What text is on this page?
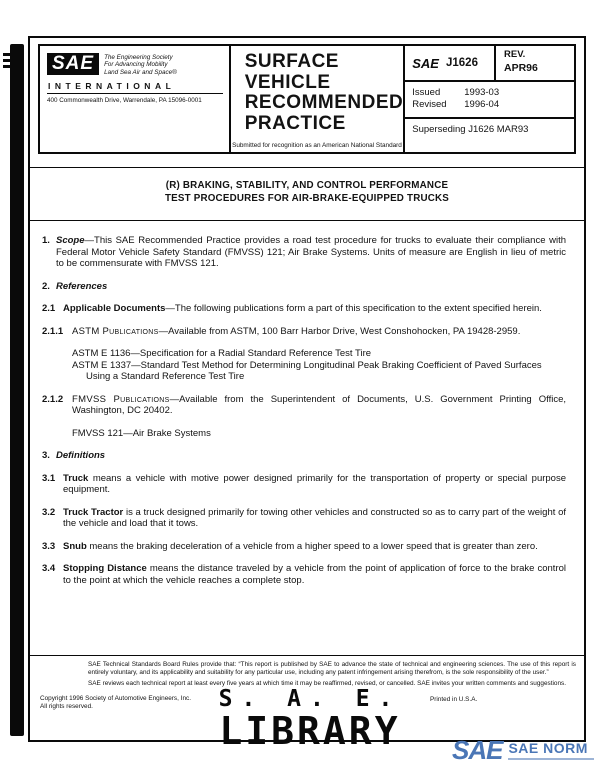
SAE	The Engineering Society
For Advancing Mobility
Land Sea Air and Space®
INTERNATIONAL
400 Commonwealth Drive, Warrendale, PA 15096-0001
SURFACE
VEHICLE
RECOMMENDED
PRACTICE
Submitted for recognition as an American National Standard
SAE J1626
REV.
APR96
Issued	1993-03
Revised	1996-04
Superseding J1626 MAR93
(R) BRAKING, STABILITY, AND CONTROL PERFORMANCE
TEST PROCEDURES FOR AIR-BRAKE-EQUIPPED TRUCKS
1. Scope—This SAE Recommended Practice provides a road test procedure for trucks to evaluate their compliance with Federal Motor Vehicle Safety Standard (FMVSS) 121; Air Brake Systems. Units of measure are English in lieu of metric to be commensurate with FMVSS 121.
2. References
2.1 Applicable Documents—The following publications form a part of this specification to the extent specified herein.
2.1.1 ASTM Publications—Available from ASTM, 100 Barr Harbor Drive, West Conshohocken, PA 19428-2959.
ASTM E 1136—Specification for a Radial Standard Reference Test Tire
ASTM E 1337—Standard Test Method for Determining Longitudinal Peak Braking Coefficient of Paved Surfaces Using a Standard Reference Test Tire
2.1.2 FMVSS Publications—Available from the Superintendent of Documents, U.S. Government Printing Office, Washington, DC 20402.
FMVSS 121—Air Brake Systems
3. Definitions
3.1 Truck means a vehicle with motive power designed primarily for the transportation of property or special purpose equipment.
3.2 Truck Tractor is a truck designed primarily for towing other vehicles and constructed so as to carry part of the weight of the vehicle and load that it tows.
3.3 Snub means the braking deceleration of a vehicle from a higher speed to a lower speed that is greater than zero.
3.4 Stopping Distance means the distance traveled by a vehicle from the point of application of force to the brake control to the point at which the vehicle reaches a complete stop.
SAE Technical Standards Board Rules provide that: “This report is published by SAE to advance the state of technical and engineering sciences. The use of this report is entirely voluntary, and its applicability and suitability for any particular use, including any patent infringement arising therefrom, is the sole responsibility of the user.”
SAE reviews each technical report at least every five years at which time it may be reaffirmed, revised, or cancelled. SAE invites your written comments and suggestions.
Copyright 1996 Society of Automotive Engineers, Inc.
All rights reserved.
Printed in U.S.A.
S. A. E.
LIBRARY	SAE SAE NORM
